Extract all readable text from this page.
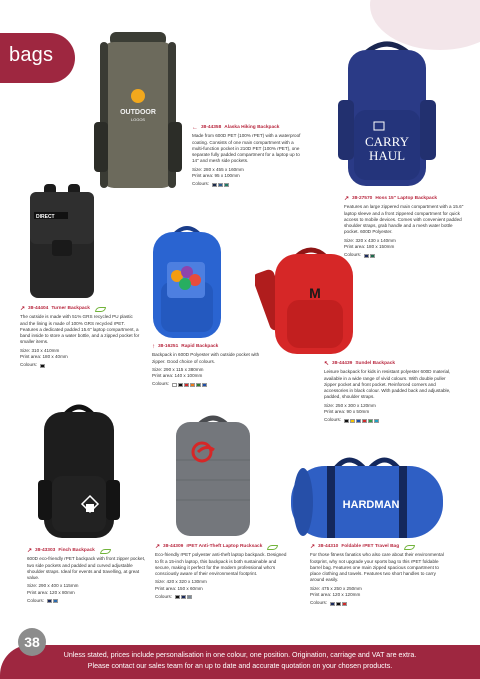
bags
OUTDOOR
LOGOS
CARRY
HAUL
DIRECT
M
HARDMAN
← 38-44358 Alaska Hiking Backpack
Made from 600D PET (100% rPET) with a waterproof coating. Consists of one main compartment with a multi-function pocket in 210D PET (100% rPET), one separate fully padded compartment for a laptop up to 14" and mesh side pockets.
Size: 280 x 455 x 160mm
Print area: 95 x 100mm
Colours:
↗ 38-27570 Hoss 15" Laptop Backpack
Features an large zippered main compartment with a 15.6" laptop sleeve and a front zippered compartment for quick access to mobile devices. Comes with convenient padded shoulder straps, grab handle and a mesh water bottle pocket. 600D Polyester.
Size: 320 x 430 x 140mm
Print area: 180 x 150mm
Colours:
↗ 38-44404 Turner Backpack
The outside is made with 51% GRS recycled PU plastic and the lining is made of 100% GRS recycled rPET. Features a dedicated padded 15.6" laptop compartment, a band inside to store a water bottle, and a zipped pocket for smaller items.
Size: 310 x 410mm
Print area: 180 x 40mm
Colours:
↑ 38-16251 Rapid Backpack
Backpack in 600D Polyester with outside pocket with zipper. Good choice of colours.
Size: 290 x 115 x 380mm
Print area: 140 x 100mm
Colours:
↖ 38-44439 Sundel Backpack
Leisure backpack for kids in resistant polyester 600D material, available in a wide range of vivid colours. With double puller zipper pocket and front pocket. Reinforced corners and accessories in black colour. With padded back and adjustable, padded, shoulder straps.
Size: 250 x 300 x 120mm
Print area: 90 x 50mm
Colours:
↗ 38-43303 Finch Backpack
600D eco-friendly rPET backpack with front zipper pocket, two side pockets and padded and curved adjustable shoulder straps. Ideal for events and travelling, at great value.
Size: 290 x 400 x 115mm
Print area: 120 x 80mm
Colours:
↗ 38-44309 rPET Anti-Theft Laptop Rucksack
Eco-friendly rPET polyester anti-theft laptop backpack. Designed to fit a 15-inch laptop, this backpack is both sustainable and secure, making it perfect for the modern professional who's consciously aware of their environmental footprint.
Size: 420 x 320 x 130mm
Print area: 150 x 60mm
Colours:
↗ 38-44310 Foldable rPET Travel Bag
For those fitness fanatics who also care about their environmental footprint, why not upgrade your sports bag to this rPET foldable barrel bag. Features one main zipped spacious compartment to place clothing and towels. Features two short handles to carry around easily.
Size: 475 x 250 x 250mm
Print area: 120 x 120mm
Colours:
Unless stated, prices include personalisation in one colour, one position. Origination, carriage and VAT are extra.
Please contact our sales team for an up to date and accurate quotation on your chosen products.
38
